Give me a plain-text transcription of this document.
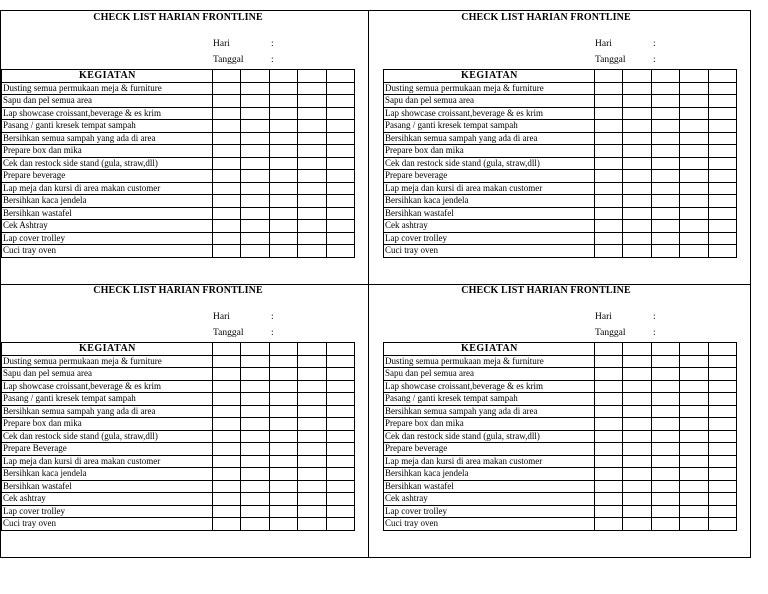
CHECK LIST HARIAN FRONTLINE
Hari	:
Tanggal	:
KEGIATAN					
Dusting semua permukaan meja & furniture					
Sapu dan pel semua area					
Lap showcase croissant,beverage & es krim					
Pasang / ganti kresek tempat sampah					
Bersihkan semua sampah yang ada di area					
Prepare box dan mika					
Cek dan restock side stand (gula, straw,dll)					
Prepare beverage					
Lap meja dan kursi di area makan customer					
Bersihkan kaca jendela					
Bersihkan wastafel					
Cek Ashtray					
Lap cover trolley					
Cuci tray oven					
CHECK LIST HARIAN FRONTLINE
Hari	:
Tanggal	:
KEGIATAN					
Dusting semua permukaan meja & furniture					
Sapu dan pel semua area					
Lap showcase croissant,beverage & es krim					
Pasang / ganti kresek tempat sampah					
Bersihkan semua sampah yang ada di area					
Prepare box dan mika					
Cek dan restock side stand (gula, straw,dll)					
Prepare beverage					
Lap meja dan kursi di area makan customer					
Bersihkan kaca jendela					
Bersihkan wastafel					
Cek ashtray					
Lap cover trolley					
Cuci tray oven					
CHECK LIST HARIAN FRONTLINE
Hari	:
Tanggal	:
KEGIATAN					
Dusting semua permukaan meja & furniture					
Sapu dan pel semua area					
Lap showcase croissant,beverage & es krim					
Pasang / ganti kresek tempat sampah					
Bersihkan semua sampah yang ada di area					
Prepare box dan mika					
Cek dan restock side stand (gula, straw,dll)					
Prepare Beverage					
Lap meja dan kursi di area makan customer					
Bersihkan kaca jendela					
Bersihkan wastafel					
Cek ashtray					
Lap cover trolley					
Cuci tray oven					
CHECK LIST HARIAN FRONTLINE
Hari	:
Tanggal	:
KEGIATAN					
Dusting semua permukaan meja & furniture					
Sapu dan pel semua area					
Lap showcase croissant,beverage & es krim					
Pasang / ganti kresek tempat sampah					
Bersihkan semua sampah yang ada di area					
Prepare box dan mika					
Cek dan restock side stand (gula, straw,dll)					
Prepare beverage					
Lap meja dan kursi di area makan customer					
Bersihkan kaca jendela					
Bersihkan wastafel					
Cek ashtray					
Lap cover trolley					
Cuci tray oven					
